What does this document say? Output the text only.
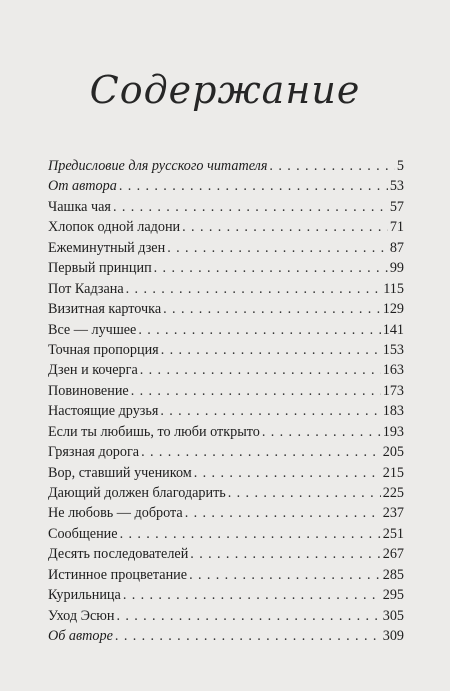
Содержание
Предисловие для русского читателя . . .	5
От автора . . .	53
Чашка чая . . .	57
Хлопок одной ладони . . .	71
Ежеминутный дзен . . .	87
Первый принцип . . .	99
Пот Кадзана . . .	115
Визитная карточка . . .	129
Все — лучшее . . .	141
Точная пропорция . . .	153
Дзен и кочерга . . .	163
Повиновение . . .	173
Настоящие друзья . . .	183
Если ты любишь, то люби открыто . . .	193
Грязная дорога . . .	205
Вор, ставший учеником . . .	215
Дающий должен благодарить . . .	225
Не любовь — доброта . . .	237
Сообщение . . .	251
Десять последователей . . .	267
Истинное процветание . . .	285
Курильница . . .	295
Уход Эсюн . . .	305
Об авторе . . .	309
